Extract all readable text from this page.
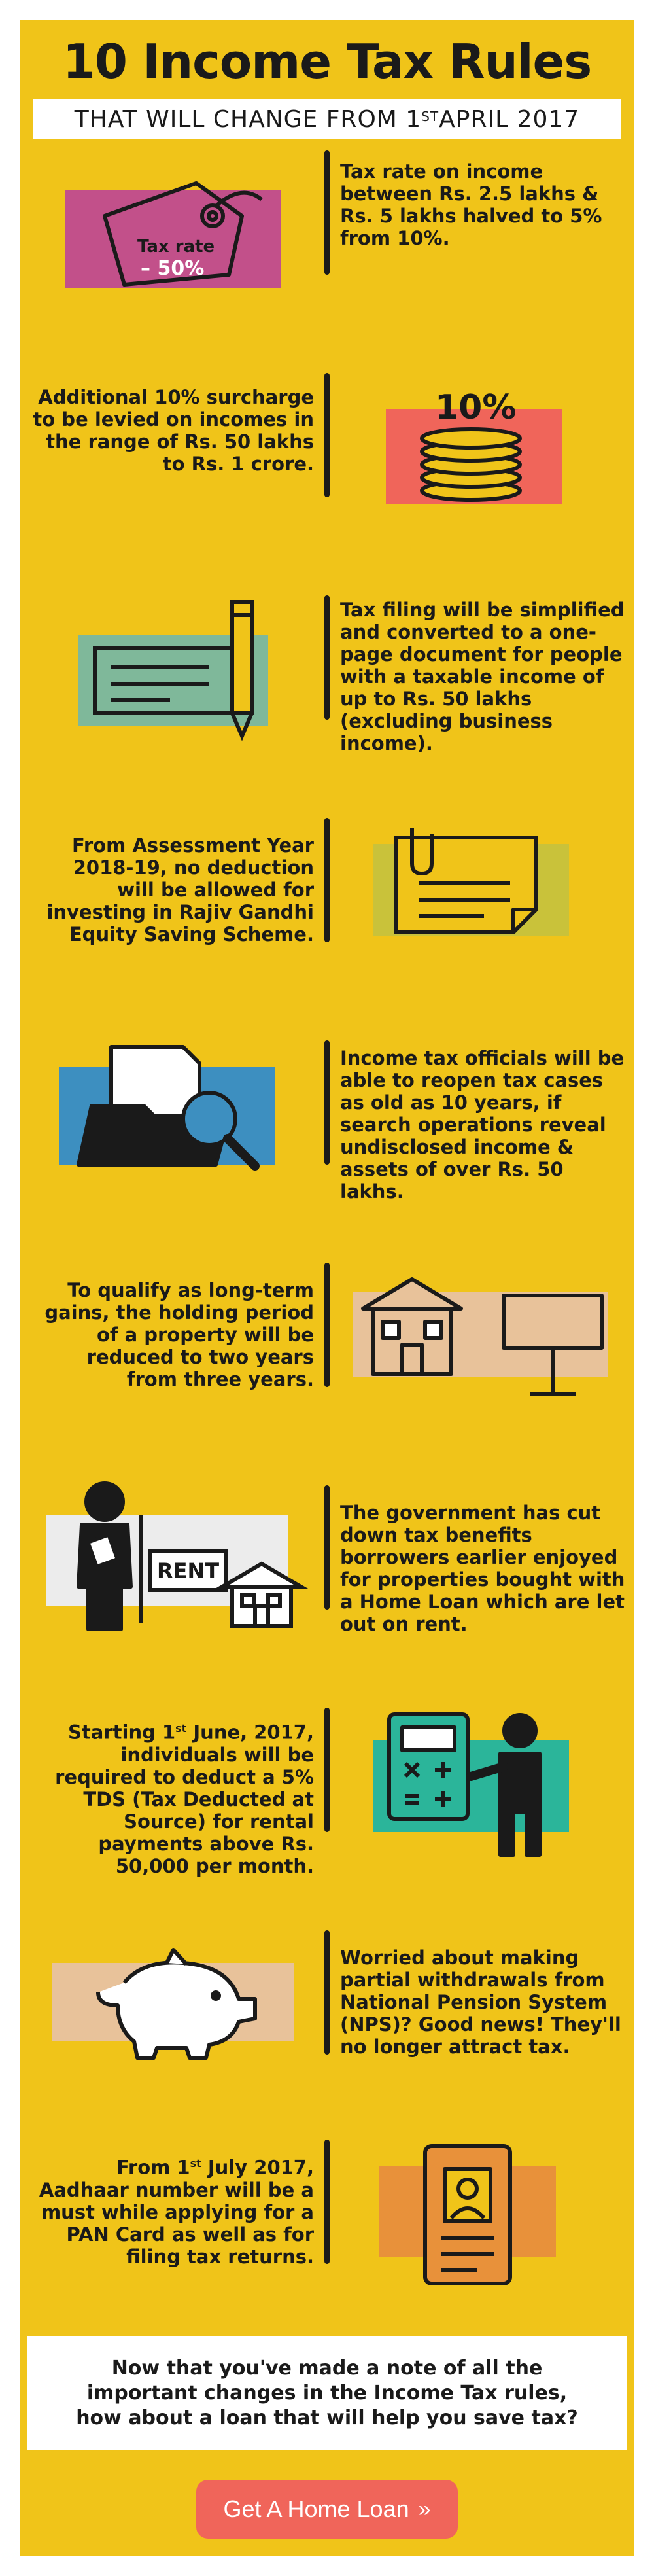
10 Income Tax Rules
THAT WILL CHANGE FROM 1ST APRIL 2017
Tax rate
– 50%
Tax rate on income between Rs. 2.5 lakhs & Rs. 5 lakhs halved to 5% from 10%.
Additional 10% surcharge to be levied on incomes in the range of Rs. 50 lakhs to Rs. 1 crore.
10%
Tax filing will be simplified and converted to a one-page document for people with a taxable income of up to Rs. 50 lakhs (excluding business income).
From Assessment Year 2018-19, no deduction will be allowed for investing in Rajiv Gandhi Equity Saving Scheme.
Income tax officials will be able to reopen tax cases as old as 10 years, if search operations reveal undisclosed income & assets of over Rs. 50 lakhs.
To qualify as long-term gains, the holding period of a property will be reduced to two years from three years.
RENT
The government has cut down tax benefits borrowers earlier enjoyed for properties bought with a Home Loan which are let out on rent.
Starting 1st June, 2017, individuals will be required to deduct a 5% TDS (Tax Deducted at Source) for rental payments above Rs. 50,000 per month.
Worried about making partial withdrawals from National Pension System (NPS)? Good news! They'll no longer attract tax.
From 1st July 2017, Aadhaar number will be a must while applying for a PAN Card as well as for filing tax returns.
Now that you've made a note of all the important changes in the Income Tax rules, how about a loan that will help you save tax?
Get A Home Loan »
